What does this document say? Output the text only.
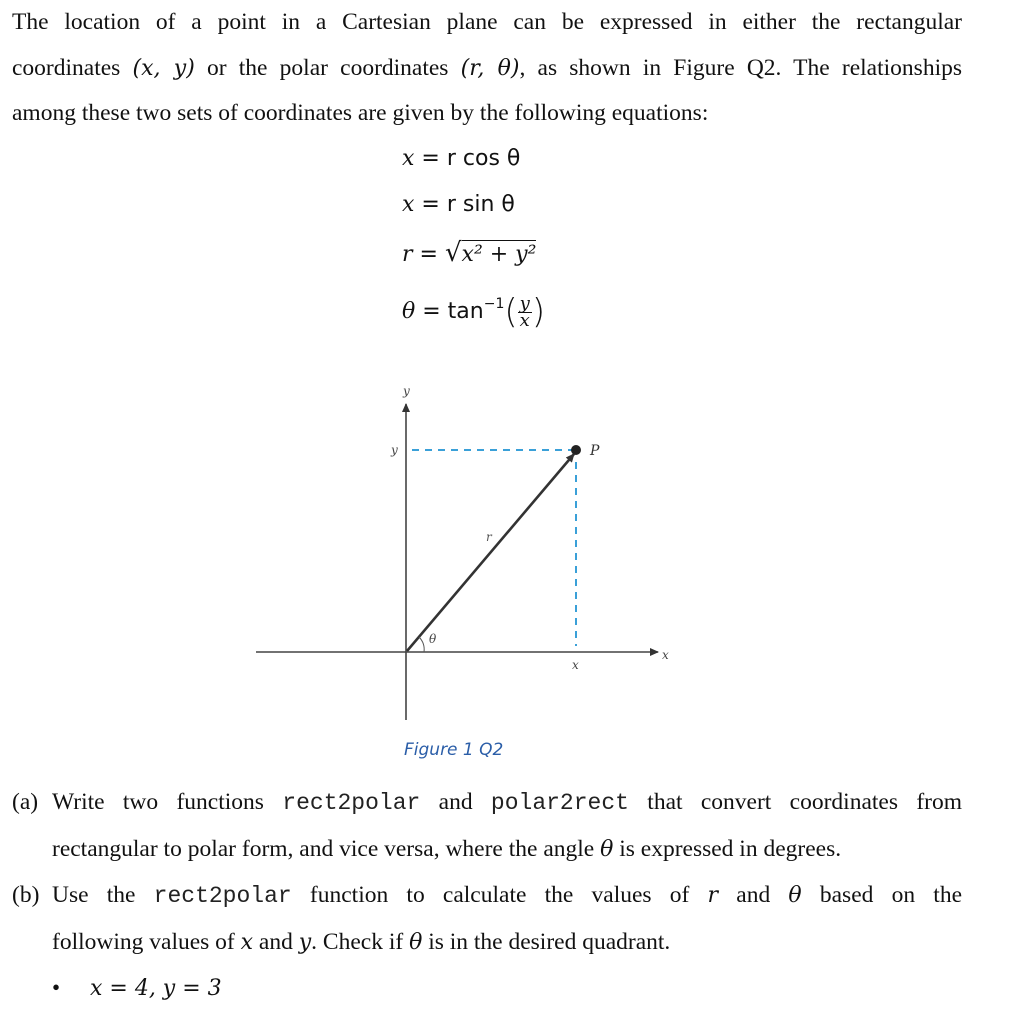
The location of a point in a Cartesian plane can be expressed in either the rectangular
coordinates (x, y) or the polar coordinates (r, θ), as shown in Figure Q2. The relationships
among these two sets of coordinates are given by the following equations:
x = r cos θ
x = r sin θ
r = √x² + y²
$\theta = \tan^{-1}( \frac{y}{x}$ )
y
y	P
r
θ
x
x
Figure 1 Q2
(a) Write two functions rect2polar and polar2rect that convert coordinates from
rectangular to polar form, and vice versa, where the angle θ is expressed in degrees.
(b) Use the rect2polar function to calculate the values of r and θ based on the
following values of x and y. Check if θ is in the desired quadrant.
• x = 4, y = 3
